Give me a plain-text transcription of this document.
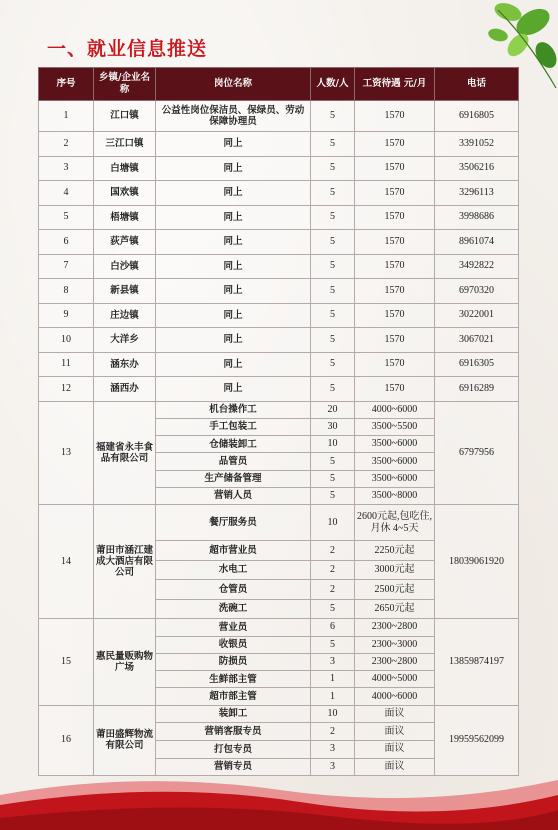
一、就业信息推送
序号	乡镇/企业名称	岗位名称	人数/人	工资待遇 元/月	电话
1	江口镇	公益性岗位保洁员、保绿员、劳动保障协理员	5	1570	6916805
2	三江口镇	同上	5	1570	3391052
3	白塘镇	同上	5	1570	3506216
4	国欢镇	同上	5	1570	3296113
5	梧塘镇	同上	5	1570	3998686
6	荻芦镇	同上	5	1570	8961074
7	白沙镇	同上	5	1570	3492822
8	新县镇	同上	5	1570	6970320
9	庄边镇	同上	5	1570	3022001
10	大洋乡	同上	5	1570	3067021
11	涵东办	同上	5	1570	6916305
12	涵西办	同上	5	1570	6916289
13	福建省永丰食品有限公司	机台操作工	20	4000~6000	6797956
		手工包装工	30	3500~5500	
		仓储装卸工	10	3500~6000	
		品管员	5	3500~6000	
		生产储备管理	5	3500~6000	
		营销人员	5	3500~8000	
14	莆田市涵江建成大酒店有限公司	餐厅服务员	10	2600元起,包吃住,月休 4~5天	18039061920
		超市营业员	2	2250元起	
		水电工	2	3000元起	
		仓管员	2	2500元起	
		洗碗工	5	2650元起	
15	惠民量贩购物广场	营业员	6	2300~2800	13859874197
		收银员	5	2300~3000	
		防损员	3	2300~2800	
		生鲜部主管	1	4000~5000	
		超市部主管	1	4000~6000	
16	莆田盛辉物流有限公司	装卸工	10	面议	19959562099
		营销客服专员	2	面议	
		打包专员	3	面议	
		营销专员	3	面议	
